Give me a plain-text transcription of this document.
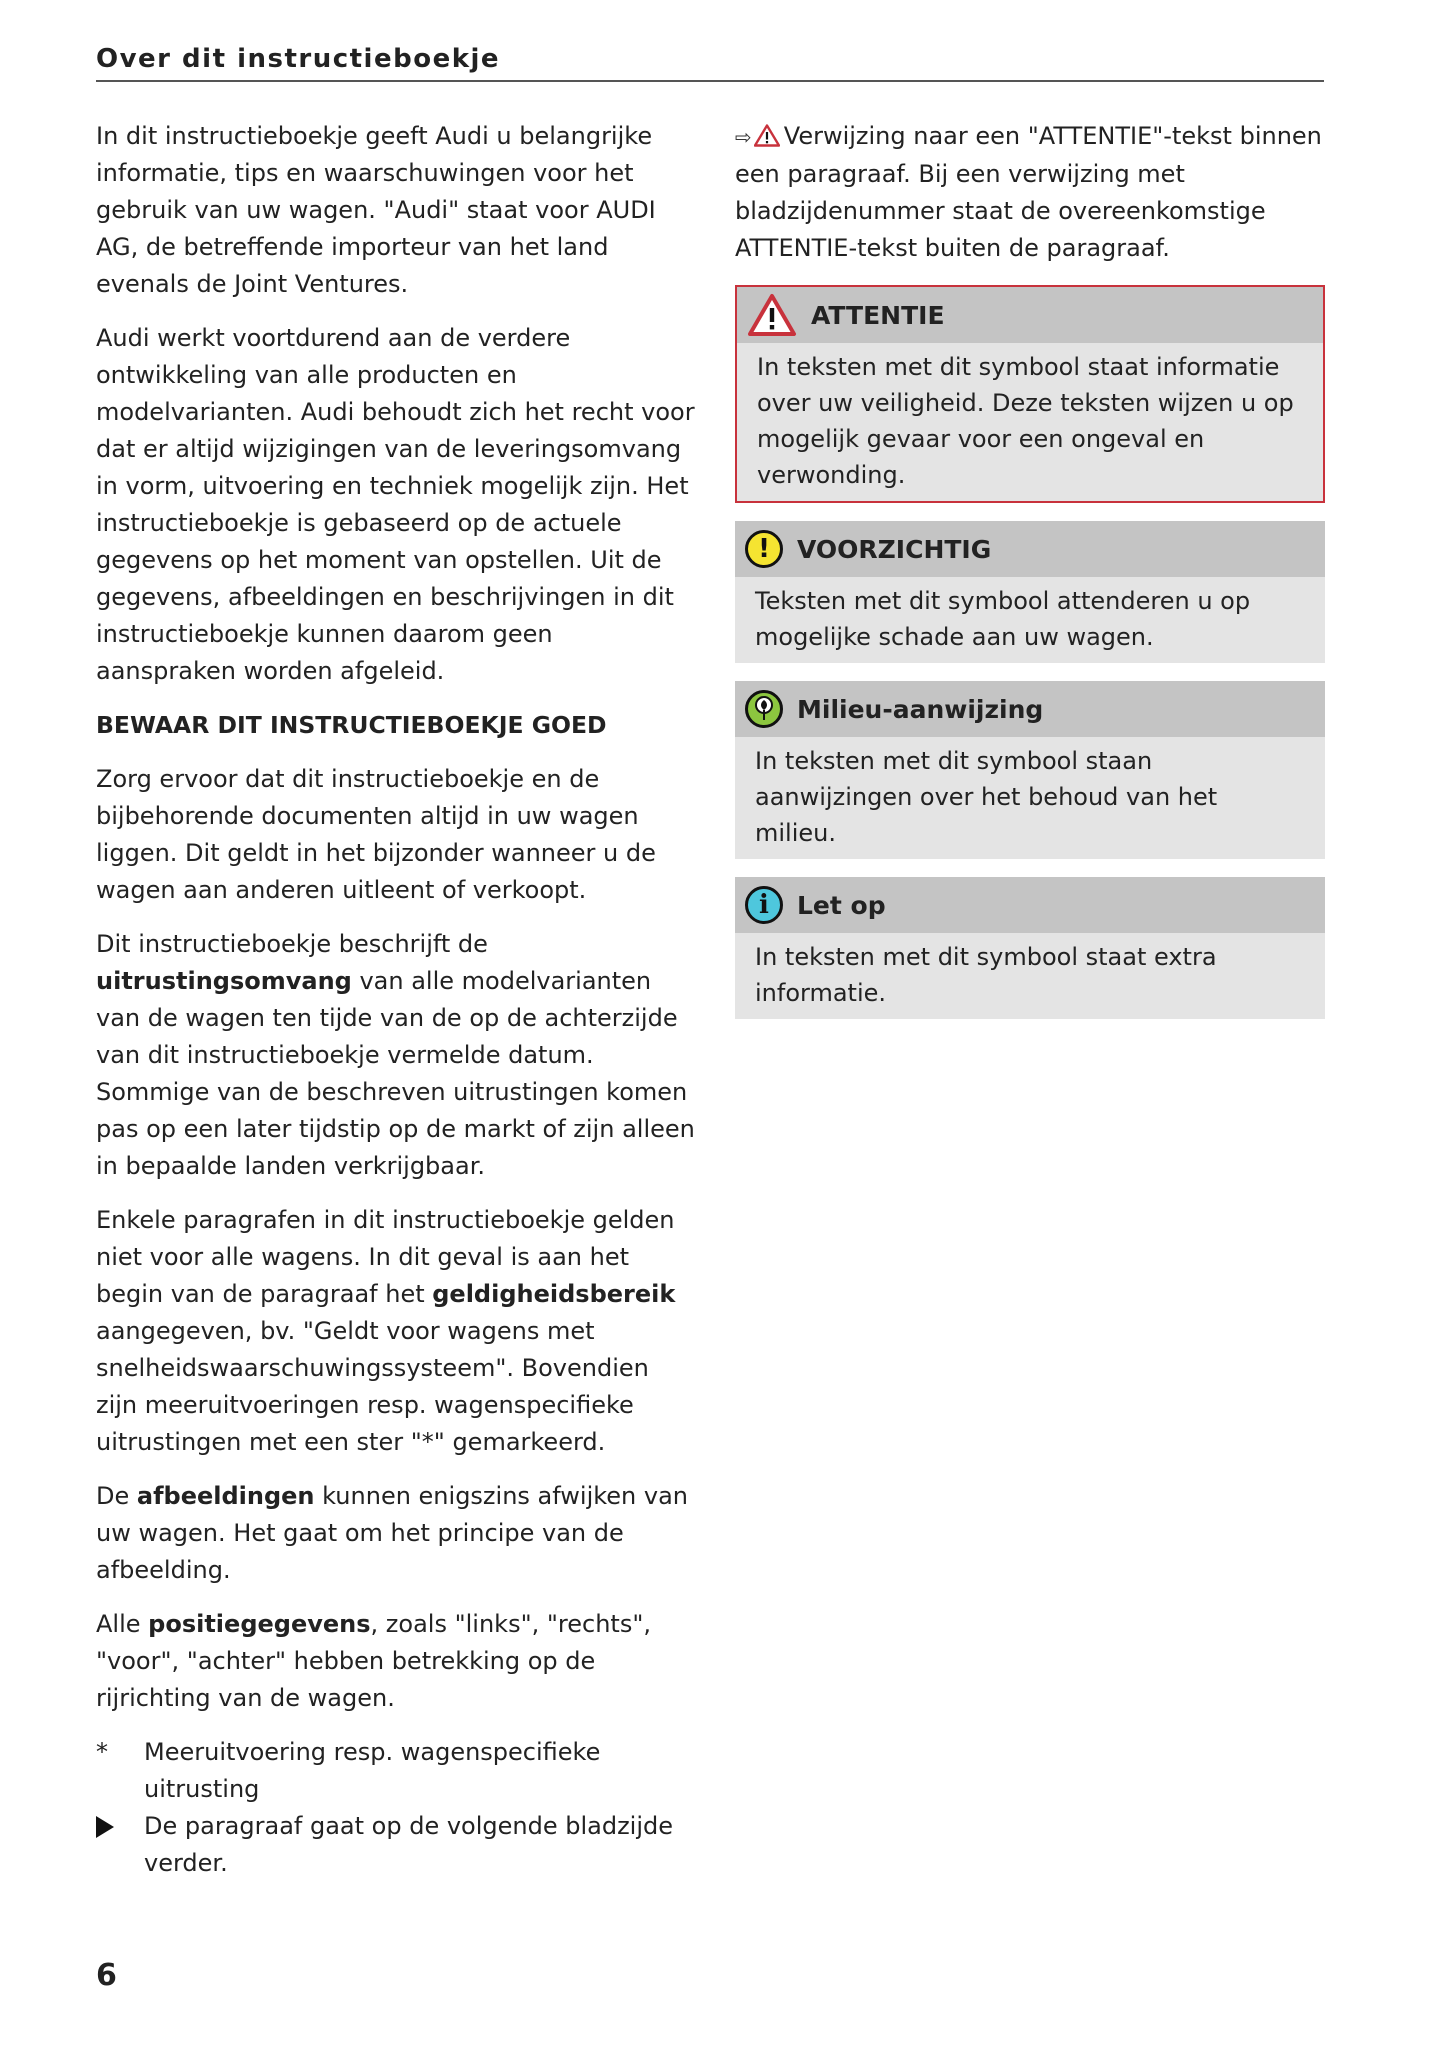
Over dit instructieboekje

In dit instructieboekje geeft Audi u belangrijke informatie, tips en waarschuwingen voor het gebruik van uw wagen. "Audi" staat voor AUDI AG, de betreffende importeur van het land evenals de Joint Ventures.

Audi werkt voortdurend aan de verdere ontwikkeling van alle producten en modelvarianten. Audi behoudt zich het recht voor dat er altijd wijzigingen van de leveringsomvang in vorm, uitvoering en techniek mogelijk zijn. Het instructieboekje is gebaseerd op de actuele gegevens op het moment van opstellen. Uit de gegevens, afbeeldingen en beschrijvingen in dit instructieboekje kunnen daarom geen aanspraken worden afgeleid.

BEWAAR DIT INSTRUCTIEBOEKJE GOED

Zorg ervoor dat dit instructieboekje en de bijbehorende documenten altijd in uw wagen liggen. Dit geldt in het bijzonder wanneer u de wagen aan anderen uitleent of verkoopt.

Dit instructieboekje beschrijft de uitrustingsomvang van alle modelvarianten van de wagen ten tijde van de op de achterzijde van dit instructieboekje vermelde datum. Sommige van de beschreven uitrustingen komen pas op een later tijdstip op de markt of zijn alleen in bepaalde landen verkrijgbaar.

Enkele paragrafen in dit instructieboekje gelden niet voor alle wagens. In dit geval is aan het begin van de paragraaf het geldigheidsbereik aangegeven, bv. "Geldt voor wagens met snelheidswaarschuwingssysteem". Bovendien zijn meeruitvoeringen resp. wagenspecifieke uitrustingen met een ster "*" gemarkeerd.

De afbeeldingen kunnen enigszins afwijken van uw wagen. Het gaat om het principe van de afbeelding.

Alle positiegegevens, zoals "links", "rechts", "voor", "achter" hebben betrekking op de rijrichting van de wagen.

*	Meeruitvoering resp. wagenspecifieke uitrusting
De paragraaf gaat op de volgende bladzijde verder.

⇨ Verwijzing naar een "ATTENTIE"-tekst binnen een paragraaf. Bij een verwijzing met bladzijdenummer staat de overeenkomstige ATTENTIE-tekst buiten de paragraaf.

ATTENTIE
In teksten met dit symbool staat informatie over uw veiligheid. Deze teksten wijzen u op mogelijk gevaar voor een ongeval en verwonding.
!	VOORZICHTIG
Teksten met dit symbool attenderen u op mogelijke schade aan uw wagen.
Milieu-aanwijzing
In teksten met dit symbool staan aanwijzingen over het behoud van het milieu.
i	Let op
In teksten met dit symbool staat extra informatie.
6
